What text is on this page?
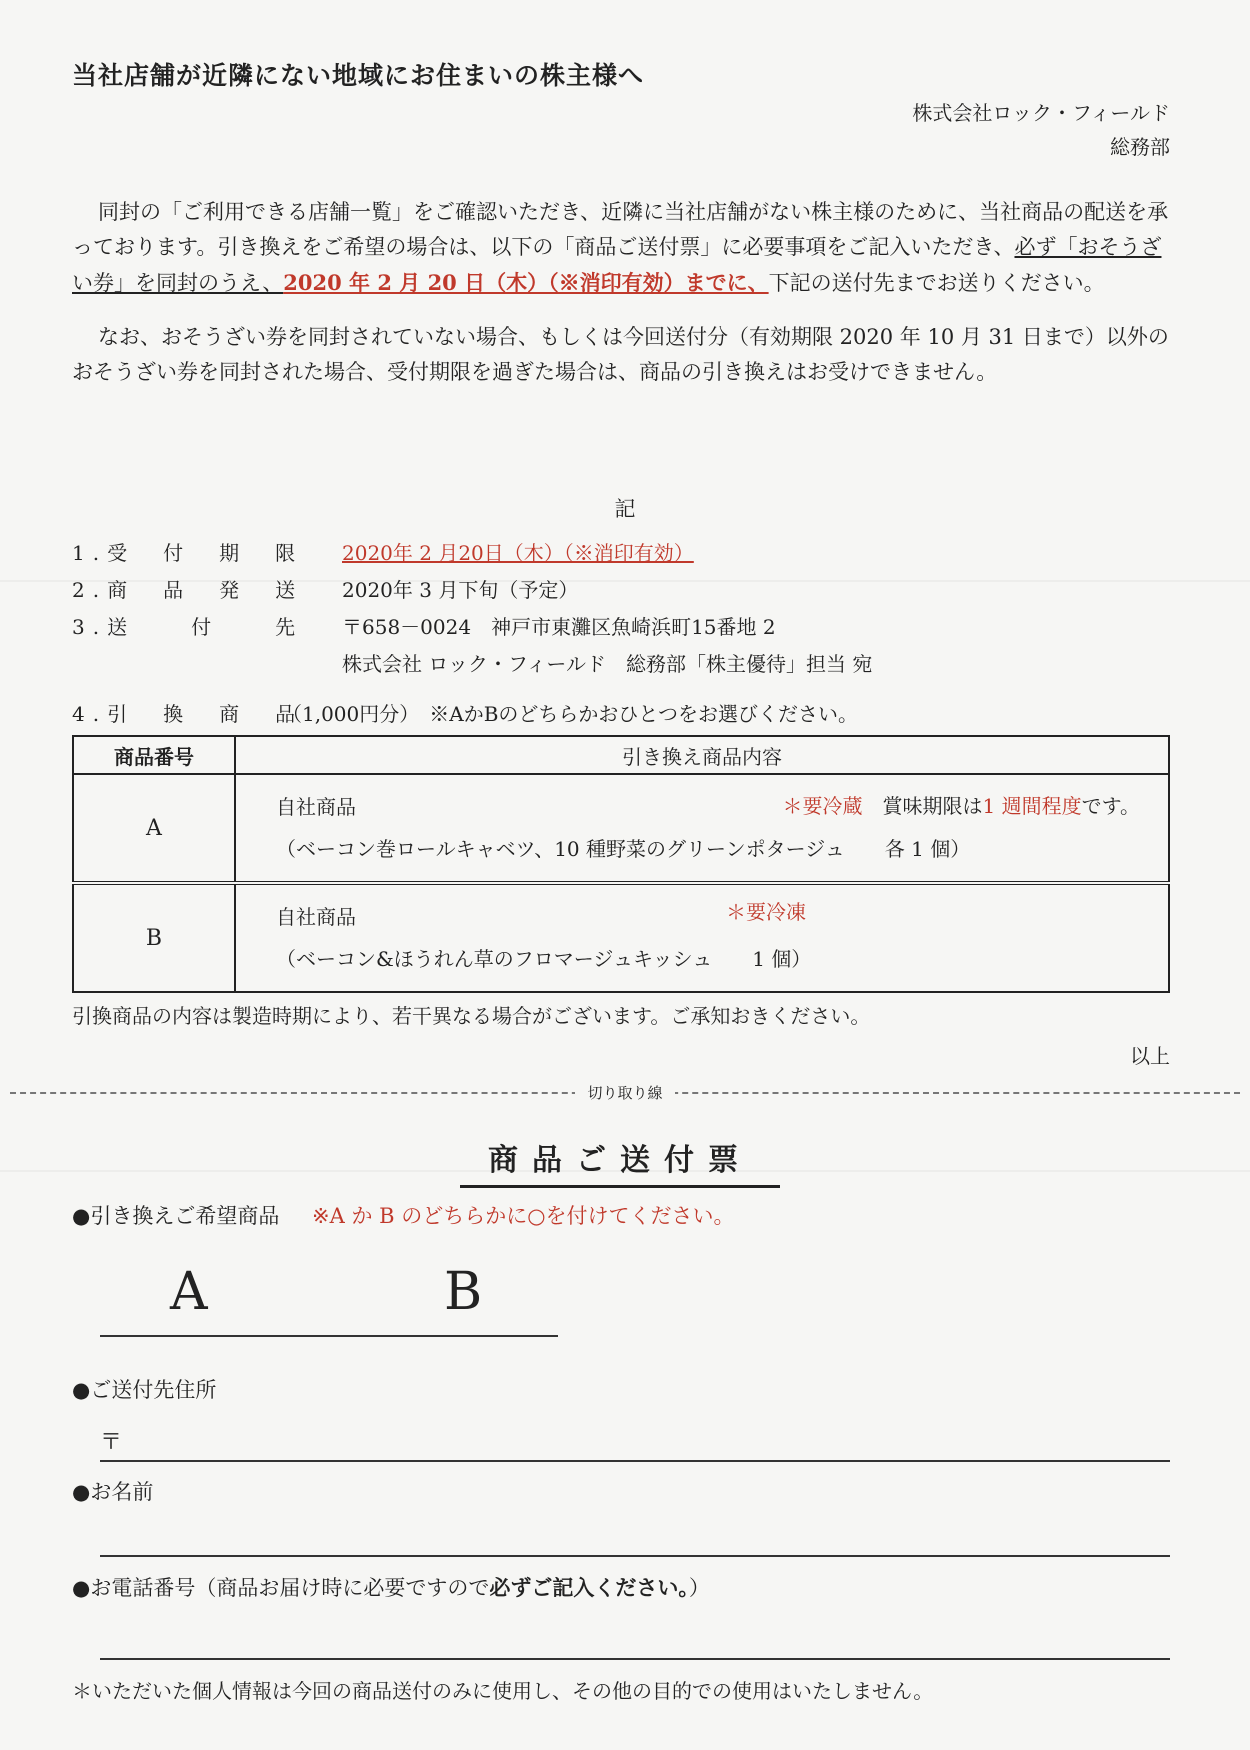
当社店舗が近隣にない地域にお住まいの株主様へ
株式会社ロック・フィールド
総務部
同封の「ご利用できる店舗一覧」をご確認いただき、近隣に当社店舗がない株主様のために、当社商品の配送を承っております。引き換えをご希望の場合は、以下の「商品ご送付票」に必要事項をご記入いただき、必ず「おそうざい券」を同封のうえ、2020 年 2 月 20 日（木）（※消印有効）までに、下記の送付先までお送りください。
なお、おそうざい券を同封されていない場合、もしくは今回送付分（有効期限 2020 年 10 月 31 日まで）以外のおそうざい券を同封された場合、受付期限を過ぎた場合は、商品の引き換えはお受けできません。
記
1.受　付　期　限 2020年 2 月20日（木）（※消印有効）
2.商　品　発　送 2020年 3 月下旬（予定）
3.送　　付　　先 〒658－0024　神戸市東灘区魚崎浜町15番地 2
株式会社 ロック・フィールド　総務部「株主優待」担当 宛
4.引　換　商　品
（1,000円分）　※AかBのどちらかおひとつをお選びください。
商品番号	引き換え商品内容
A	自社商品
（ベーコン巻ロールキャベツ、10 種野菜のグリーンポタージュ　　各 1 個）
＊要冷蔵　賞味期限は1 週間程度です。

B	自社商品
（ベーコン&ほうれん草のフロマージュキッシュ　　1 個）
＊要冷凍
引換商品の内容は製造時期により、若干異なる場合がございます。ご承知おきください。
以上
切り取り線
商品ご送付票
●引き換えご希望商品 ※A か B のどちらかに○を付けてください。
A	B
●ご送付先住所
〒
●お名前
●お電話番号（商品お届け時に必要ですので必ずご記入ください。）
＊いただいた個人情報は今回の商品送付のみに使用し、その他の目的での使用はいたしません。
